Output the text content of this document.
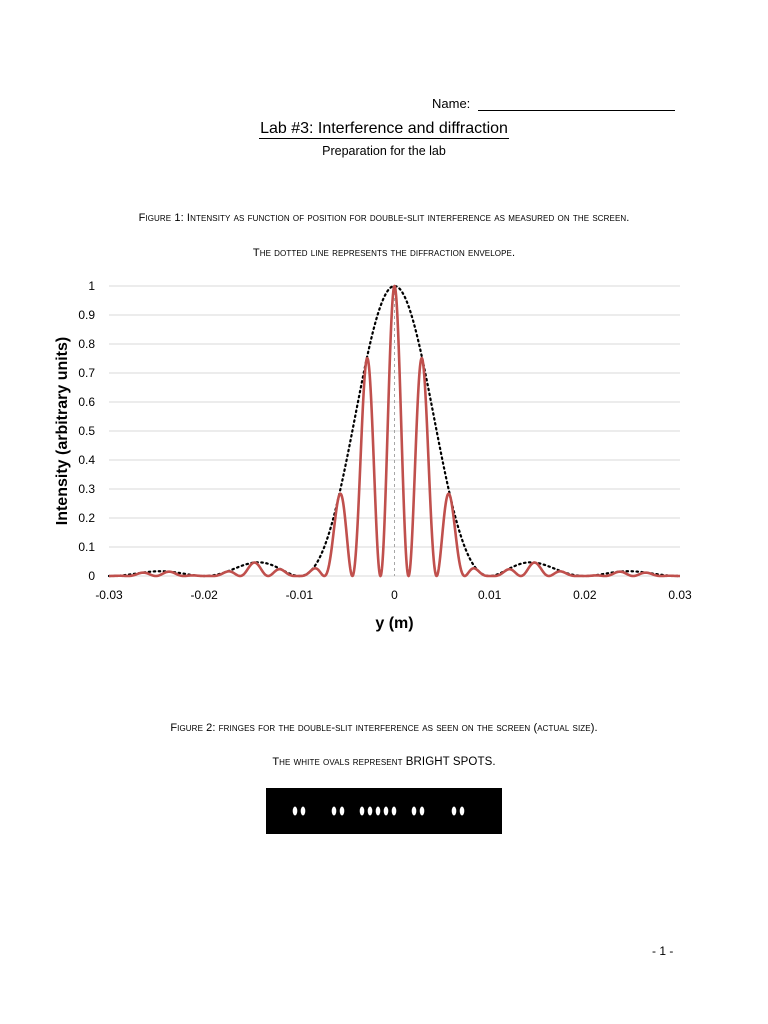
Name:
Lab #3: Interference and diffraction
Preparation for the lab
Figure 1: Intensity as function of position for double-slit interference as measured on the screen.
The dotted line represents the diffraction envelope.
0
0.1
0.2
0.3
0.4
0.5
0.6
0.7
0.8
0.9
1
-0.03	-0.02	-0.01	0	0.01	0.02	0.03
y (m)
Intensity (arbitrary units)
Figure 2: fringes for the double-slit interference as seen on the screen (actual size).
The white ovals represent BRIGHT SPOTS.
- 1 -
